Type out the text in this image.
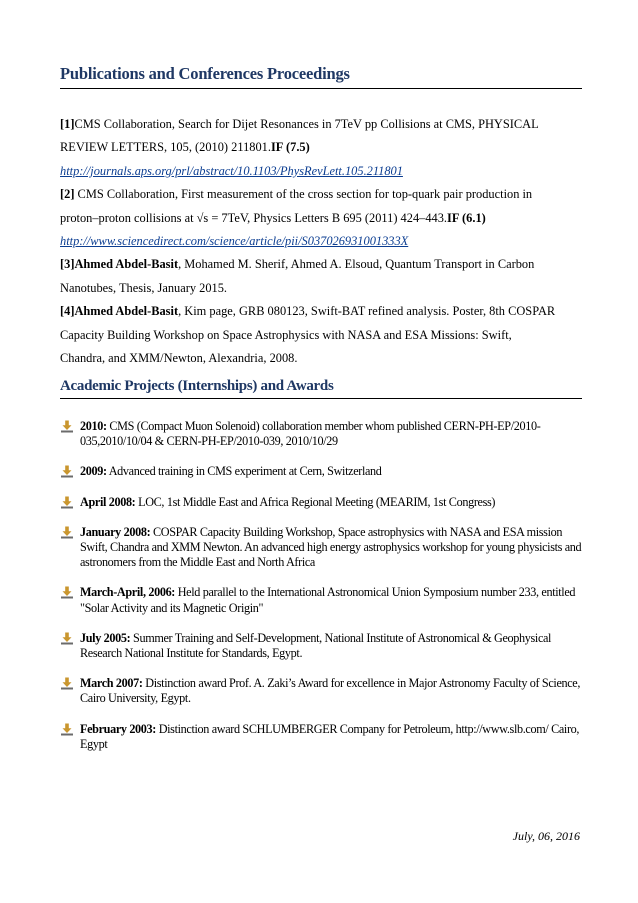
Publications and Conferences Proceedings
[1]CMS Collaboration, Search for Dijet Resonances in 7TeV pp Collisions at CMS, PHYSICAL
REVIEW LETTERS, 105, (2010) 211801.IF (7.5)
http://journals.aps.org/prl/abstract/10.1103/PhysRevLett.105.211801
[2] CMS Collaboration, First measurement of the cross section for top-quark pair production in
proton–proton collisions at √s = 7TeV, Physics Letters B 695 (2011) 424–443.IF (6.1)
http://www.sciencedirect.com/science/article/pii/S037026931001333X
[3]Ahmed Abdel-Basit, Mohamed M. Sherif, Ahmed A. Elsoud, Quantum Transport in Carbon
Nanotubes, Thesis, January 2015.
[4]Ahmed Abdel-Basit, Kim page, GRB 080123, Swift-BAT refined analysis. Poster, 8th COSPAR
Capacity Building Workshop on Space Astrophysics with NASA and ESA Missions: Swift,
Chandra, and XMM/Newton, Alexandria, 2008.
Academic Projects (Internships) and Awards
2010: CMS (Compact Muon Solenoid) collaboration member whom published CERN-PH-EP/2010-035,2010/10/04 & CERN-PH-EP/2010-039, 2010/10/29
2009: Advanced training in CMS experiment at Cern, Switzerland
April 2008: LOC, 1st Middle East and Africa Regional Meeting (MEARIM, 1st Congress)
January 2008: COSPAR Capacity Building Workshop, Space astrophysics with NASA and ESA mission Swift, Chandra and XMM Newton. An advanced high energy astrophysics workshop for young physicists and astronomers from the Middle East and North Africa
March-April, 2006: Held parallel to the International Astronomical Union Symposium number 233, entitled "Solar Activity and its Magnetic Origin"
July 2005: Summer Training and Self-Development, National Institute of Astronomical & Geophysical Research National Institute for Standards, Egypt.
March 2007: Distinction award Prof. A. Zaki’s Award for excellence in Major Astronomy Faculty of Science, Cairo University, Egypt.
February 2003: Distinction award SCHLUMBERGER Company for Petroleum, http://www.slb.com/ Cairo, Egypt
July, 06, 2016
